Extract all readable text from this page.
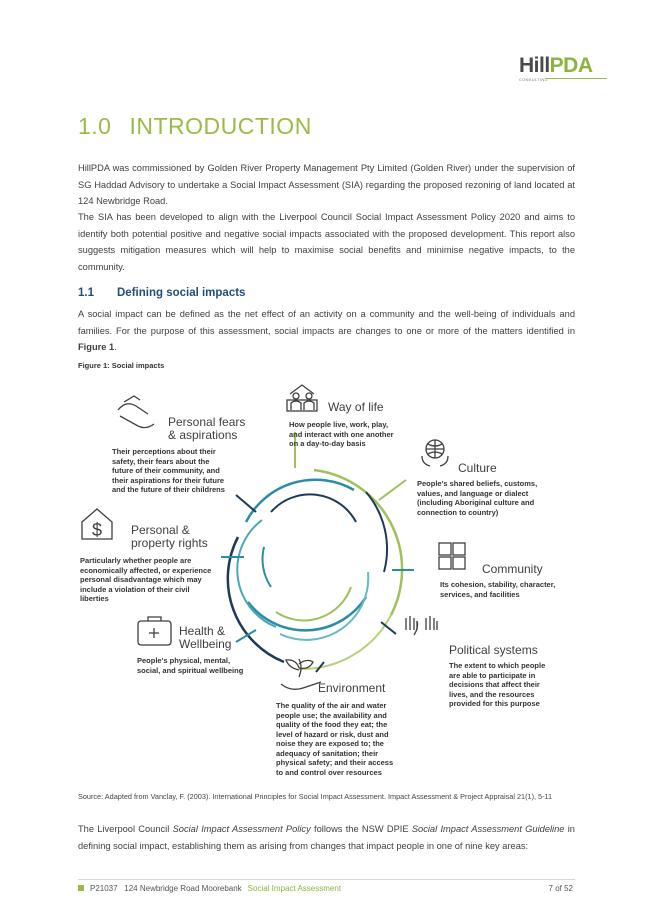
HillPDA
CONSULTING
1.0 INTRODUCTION

HillPDA was commissioned by Golden River Property Management Pty Limited (Golden River) under the supervision of SG Haddad Advisory to undertake a Social Impact Assessment (SIA) regarding the proposed rezoning of land located at 124 Newbridge Road.

The SIA has been developed to align with the Liverpool Council Social Impact Assessment Policy 2020 and aims to identify both potential positive and negative social impacts associated with the proposed development. This report also suggests mitigation measures which will help to maximise social benefits and minimise negative impacts, to the community.

1.1 Defining social impacts

A social impact can be defined as the net effect of an activity on a community and the well-being of individuals and families. For the purpose of this assessment, social impacts are changes to one or more of the matters identified in Figure 1.

Figure 1: Social impacts
$
Personal fears
& aspirations
Their perceptions about their
safety, their fears about the
future of their community, and
their aspirations for their future
and the future of their childrens
Way of life
How people live, work, play,
and interact with one another
on a day-to-day basis
Culture
People's shared beliefs, customs,
values, and language or dialect
(including Aboriginal culture and
connection to country)
Personal &
property rights
Particularly whether people are
economically affected, or experience
personal disadvantage which may
include a violation of their civil
liberties
Community
Its cohesion, stability, character,
services, and facilities
Health &
Wellbeing
People's physical, mental,
social, and spiritual wellbeing
Political systems
The extent to which people
are able to participate in
decisions that affect their
lives, and the resources
provided for this purpose
Environment
The quality of the air and water
people use; the availability and
quality of the food they eat; the
level of hazard or risk, dust and
noise they are exposed to; the
adequacy of sanitation; their
physical safety; and their access
to and control over resources
Source: Adapted from Vanclay, F. (2003). International Principles for Social Impact Assessment. Impact Assessment & Project Appraisal 21(1), 5-11

The Liverpool Council Social Impact Assessment Policy follows the NSW DPIE Social Impact Assessment Guideline in defining social impact, establishing them as arising from changes that impact people in one of nine key areas:

P21037 124 Newbridge Road Moorebank Social Impact Assessment	7 of 52
